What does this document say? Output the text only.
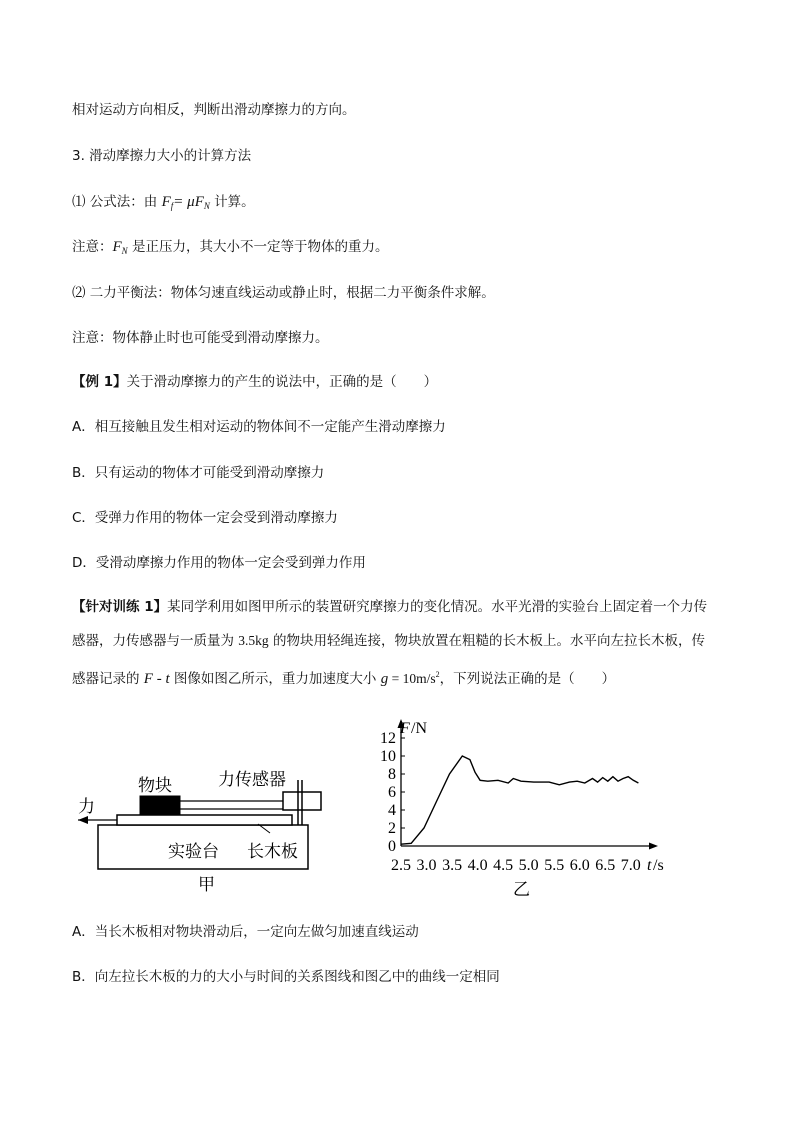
相对运动方向相反，判断出滑动摩擦力的方向。
3. 滑动摩擦力大小的计算方法
⑴ 公式法：由 $F_f= \mu F_N$ 计算。
注意：$F_N$ 是正压力，其大小不一定等于物体的重力。
⑵ 二力平衡法：物体匀速直线运动或静止时，根据二力平衡条件求解。
注意：物体静止时也可能受到滑动摩擦力。
【例 1】关于滑动摩擦力的产生的说法中，正确的是（　　）
A．相互接触且发生相对运动的物体间不一定能产生滑动摩擦力
B．只有运动的物体才可能受到滑动摩擦力
C．受弹力作用的物体一定会受到滑动摩擦力
D．受滑动摩擦力作用的物体一定会受到弹力作用
【针对训练 1】某同学利用如图甲所示的装置研究摩擦力的变化情况。水平光滑的实验台上固定着一个力传
感器，力传感器与一质量为 3.5kg 的物块用轻绳连接，物块放置在粗糙的长木板上。水平向左拉长木板，传
感器记录的 F - t 图像如图乙所示，重力加速度大小 $g = 10m/s^2$，下列说法正确的是（　　）
物块	力传感器
力
实验台 长木板
甲
0
2
4
6
8
10
12
2.5 3.0 3.5 4.0 4.5 5.0 5.5 6.0 6.5 7.0
F /N
t /s
乙
A．当长木板相对物块滑动后，一定向左做匀加速直线运动
B．向左拉长木板的力的大小与时间的关系图线和图乙中的曲线一定相同
